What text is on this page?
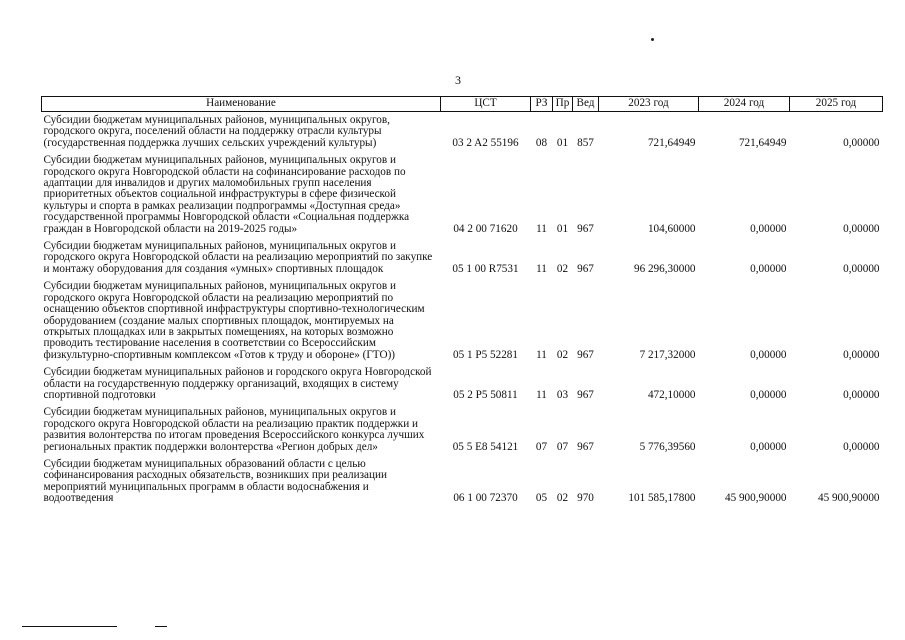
3
Наименование	ЦСТ	РЗ	Пр	Вед	2023 год	2024 год	2025 год
Субсидии бюджетам муниципальных районов, муниципальных округов, городского округа, поселений области на поддержку отрасли культуры (государственная поддержка лучших сельских учреждений культуры)	03 2 A2 55196	08	01	857	721,64949	721,64949	0,00000
Субсидии бюджетам муниципальных районов, муниципальных округов и городского округа Новгородской области на софинансирование расходов по адаптации для инвалидов и других маломобильных групп населения приоритетных объектов социальной инфраструктуры в сфере физической культуры и спорта в рамках реализации подпрограммы «Доступная среда» государственной программы Новгородской области «Социальная поддержка граждан в Новгородской области на 2019-2025 годы»	04 2 00 71620	11	01	967	104,60000	0,00000	0,00000
Субсидии бюджетам муниципальных районов, муниципальных округов и городского округа Новгородской области на реализацию мероприятий по закупке и монтажу оборудования для создания «умных» спортивных площадок	05 1 00 R7531	11	02	967	96 296,30000	0,00000	0,00000
Субсидии бюджетам муниципальных районов, муниципальных округов и городского округа Новгородской области на реализацию мероприятий по оснащению объектов спортивной инфраструктуры спортивно-технологическим оборудованием (создание малых спортивных площадок, монтируемых на открытых площадках или в закрытых помещениях, на которых возможно проводить тестирование населения в соответствии со Всероссийским физкультурно-спортивным комплексом «Готов к труду и обороне» (ГТО))	05 1 P5 52281	11	02	967	7 217,32000	0,00000	0,00000
Субсидии бюджетам муниципальных районов и городского округа Новгородской области на государственную поддержку организаций, входящих в систему спортивной подготовки	05 2 P5 50811	11	03	967	472,10000	0,00000	0,00000
Субсидии бюджетам муниципальных районов, муниципальных округов и городского округа Новгородской области на реализацию практик поддержки и развития волонтерства по итогам проведения Всероссийского конкурса лучших региональных практик поддержки волонтерства «Регион добрых дел»	05 5 E8 54121	07	07	967	5 776,39560	0,00000	0,00000
Субсидии бюджетам муниципальных образований области с целью софинансирования расходных обязательств, возникших при реализации мероприятий муниципальных программ в области водоснабжения и водоотведения	06 1 00 72370	05	02	970	101 585,17800	45 900,90000	45 900,90000
